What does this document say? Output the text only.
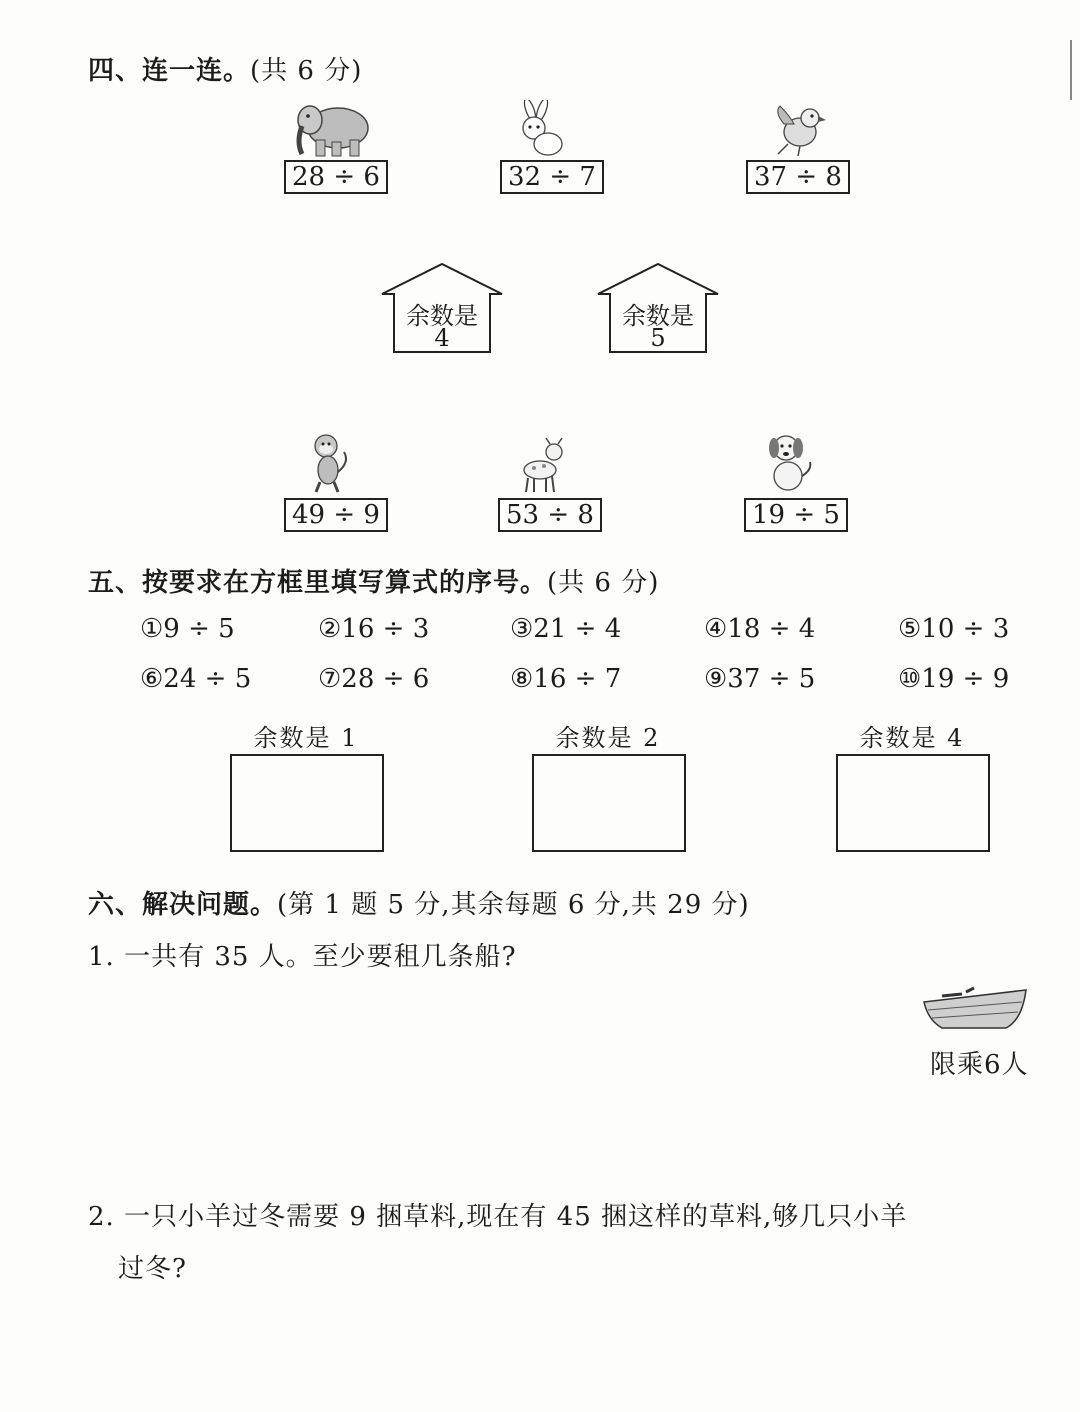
四、连一连。(共 6 分)
28 ÷ 6	32 ÷ 7	37 ÷ 8
余数是
4
余数是
5
49 ÷ 9	53 ÷ 8	19 ÷ 5
五、按要求在方框里填写算式的序号。(共 6 分)
①9 ÷ 5	②16 ÷ 3	③21 ÷ 4	④18 ÷ 4	⑤10 ÷ 3
⑥24 ÷ 5	⑦28 ÷ 6	⑧16 ÷ 7	⑨37 ÷ 5	⑩19 ÷ 9
余数是 1	余数是 2	余数是 4
六、解决问题。(第 1 题 5 分,其余每题 6 分,共 29 分)
1. 一共有 35 人。至少要租几条船?
限乘6人
2. 一只小羊过冬需要 9 捆草料,现在有 45 捆这样的草料,够几只小羊
过冬?
